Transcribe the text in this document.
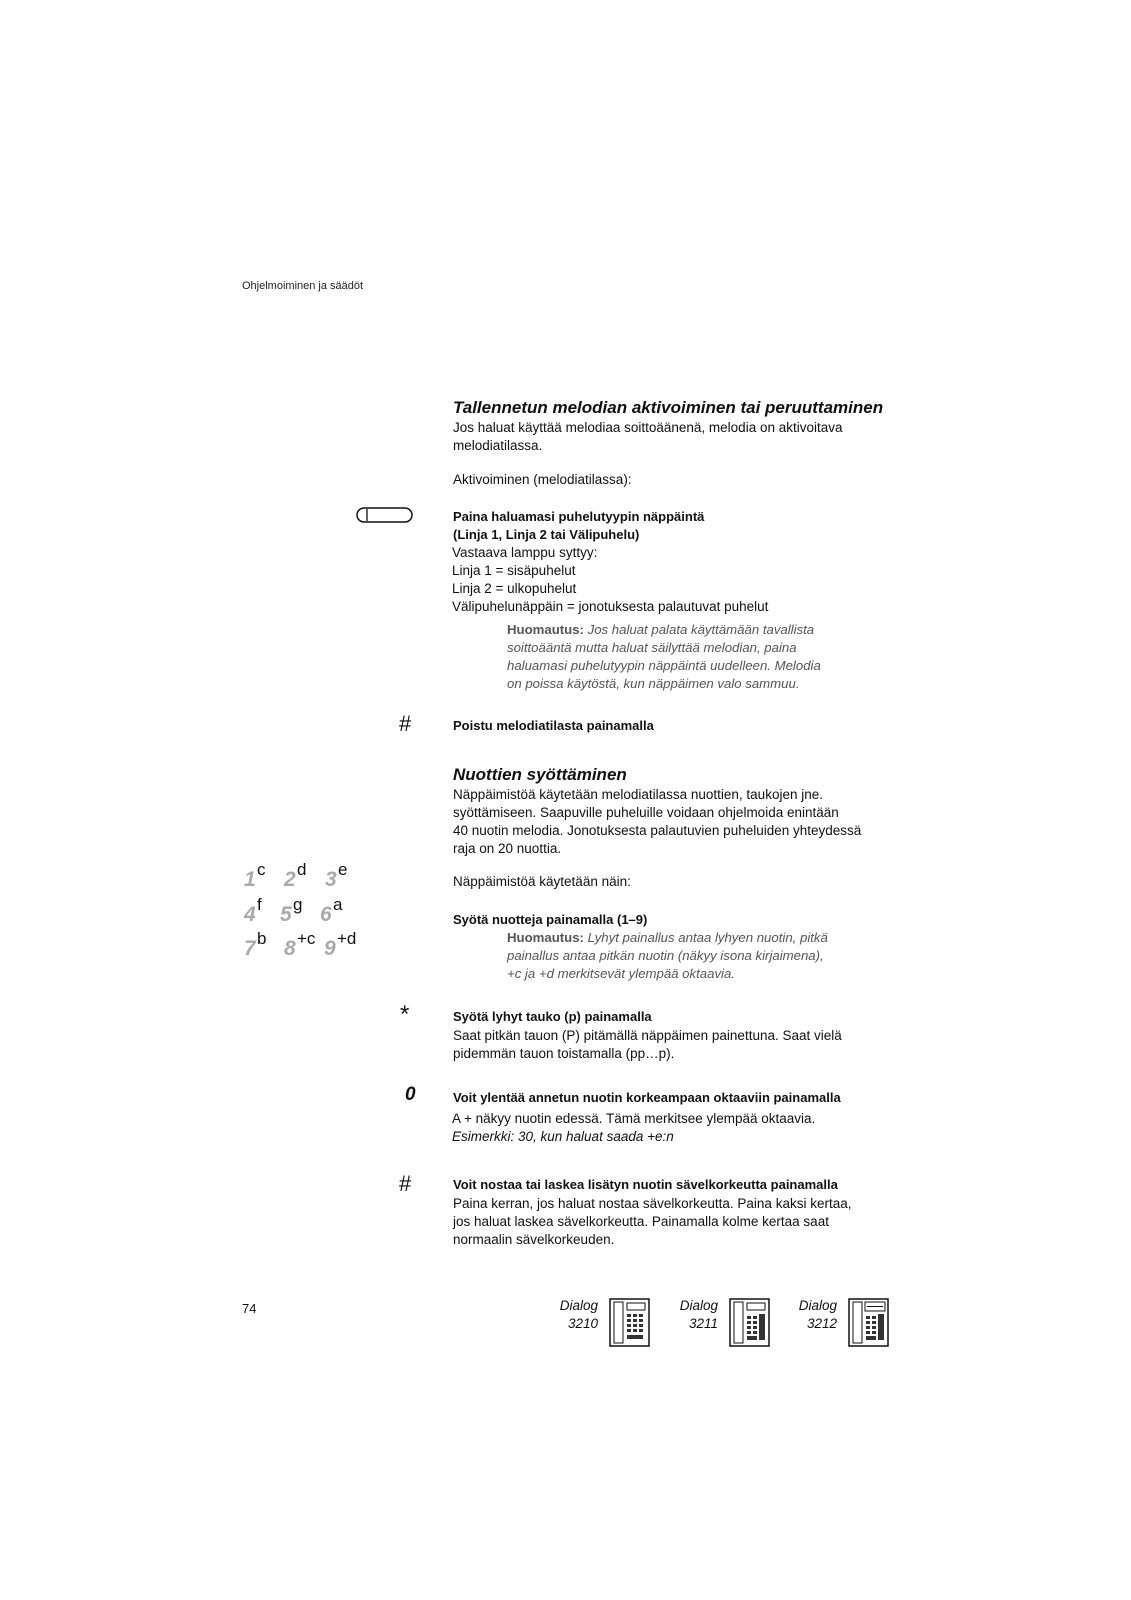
Ohjelmoiminen ja säädöt
Tallennetun melodian aktivoiminen tai peruuttaminen
Jos haluat käyttää melodiaa soittoäänenä, melodia on aktivoitava
melodiatilassa.
Aktivoiminen (melodiatilassa):
Paina haluamasi puhelutyypin näppäintä
(Linja 1, Linja 2 tai Välipuhelu)
Vastaava lamppu syttyy:
Linja 1 = sisäpuhelut
Linja 2 = ulkopuhelut
Välipuhelunäppäin = jonotuksesta palautuvat puhelut
Huomautus: Jos haluat palata käyttämään tavallista
soittoääntä mutta haluat säilyttää melodian, paina
haluamasi puhelutyypin näppäintä uudelleen. Melodia
on poissa käytöstä, kun näppäimen valo sammuu.
#	Poistu melodiatilasta painamalla
Nuottien syöttäminen
Näppäimistöä käytetään melodiatilassa nuottien, taukojen jne.
syöttämiseen. Saapuville puheluille voidaan ohjelmoida enintään
40 nuotin melodia. Jonotuksesta palautuvien puheluiden yhteydessä
raja on 20 nuottia.
Näppäimistöä käytetään näin:
1 c 2 d 3 e
4 f 5 g 6 a
7 b 8 +c 9 +d
Syötä nuotteja painamalla (1–9)
Huomautus: Lyhyt painallus antaa lyhyen nuotin, pitkä
painallus antaa pitkän nuotin (näkyy isona kirjaimena),
+c ja +d merkitsevät ylempää oktaavia.
*	Syötä lyhyt tauko (p) painamalla
Saat pitkän tauon (P) pitämällä näppäimen painettuna. Saat vielä
pidemmän tauon toistamalla (pp…p).
0	Voit ylentää annetun nuotin korkeampaan oktaaviin painamalla
A + näkyy nuotin edessä. Tämä merkitsee ylempää oktaavia.
Esimerkki: 30, kun haluat saada +e:n
#	Voit nostaa tai laskea lisätyn nuotin sävelkorkeutta painamalla
Paina kerran, jos haluat nostaa sävelkorkeutta. Paina kaksi kertaa,
jos haluat laskea sävelkorkeutta. Painamalla kolme kertaa saat
normaalin sävelkorkeuden.
74	Dialog
3210
Dialog
3211
Dialog
3212
